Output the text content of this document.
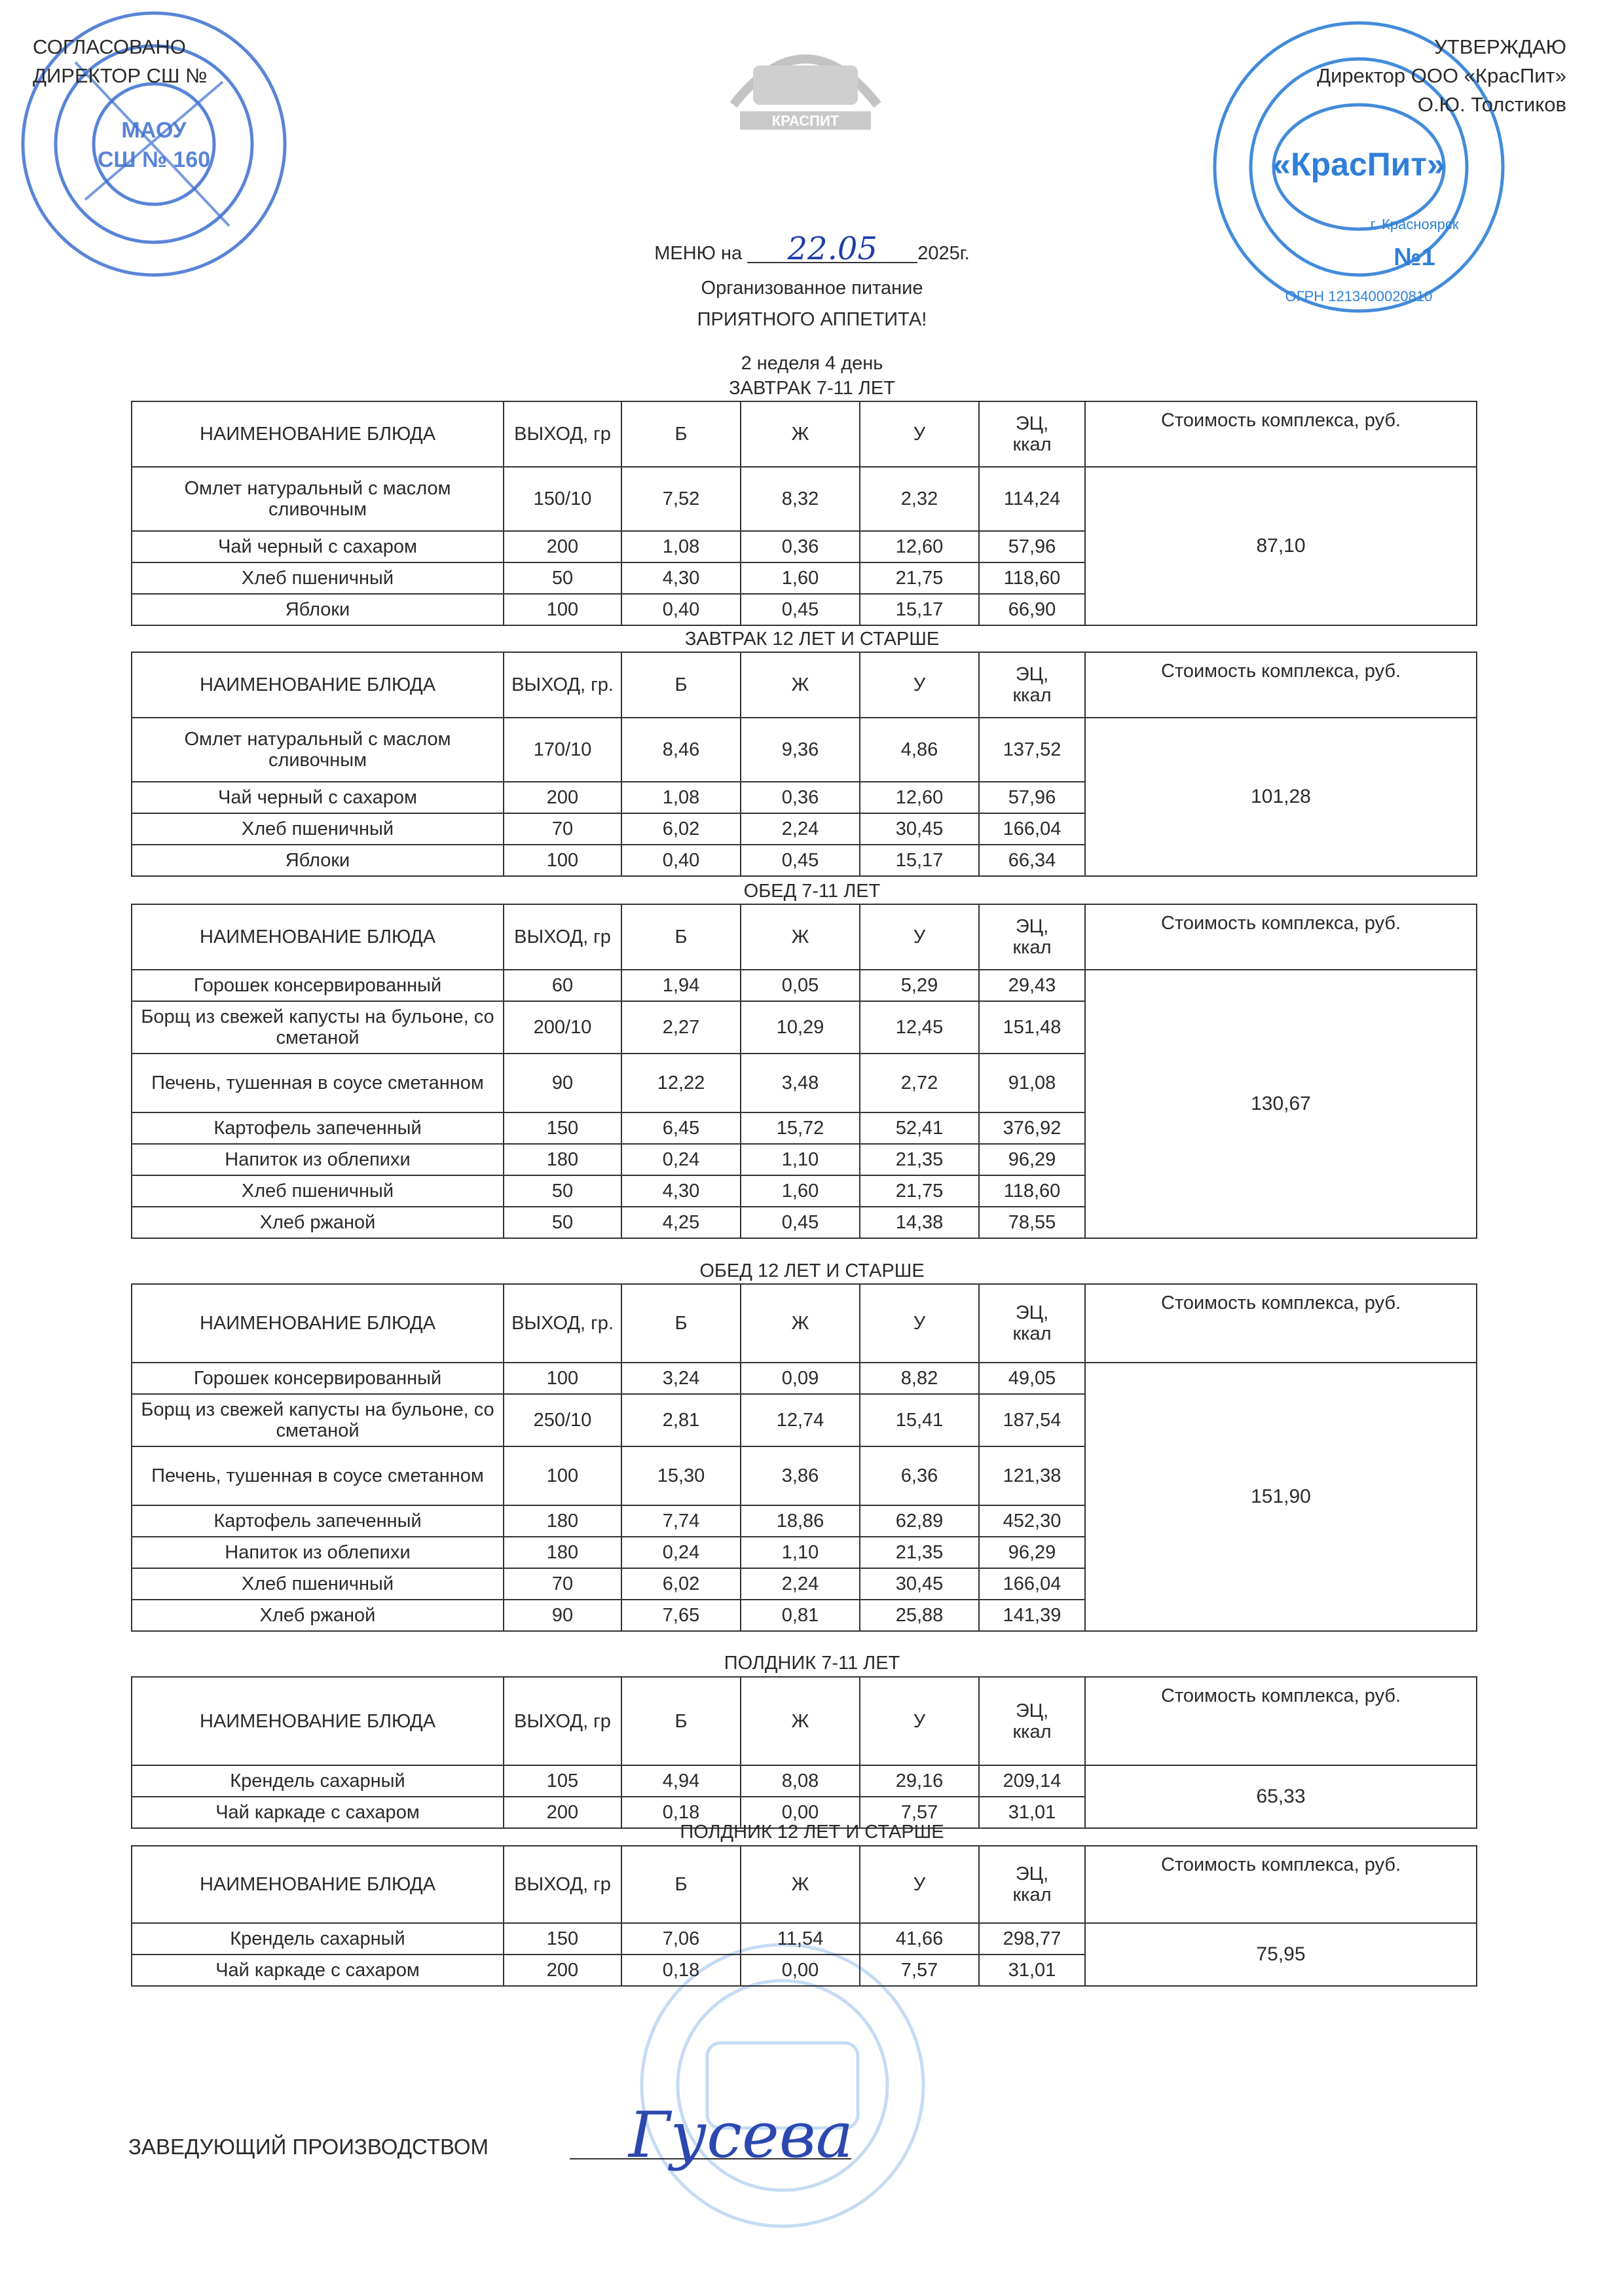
МАОУ
СШ № 160
КРАСПИТ
«КрасПит»
г. Красноярск
№1
ОГРН 1213400020810
СОГЛАСОВАНО
ДИРЕКТОР СШ №
УТВЕРЖДАЮ
Директор ООО «КрасПит»
О.Ю. Толстиков
МЕНЮ на 22.05 2025г.
Организованное питание
ПРИЯТНОГО АППЕТИТА!
2 неделя 4 день
ЗАВТРАК 7-11 ЛЕТ
НАИМЕНОВАНИЕ БЛЮДА	ВЫХОД, гр	Б	Ж	У	ЭЦ,
ккал	Стоимость комплекса, руб.
Омлет натуральный с маслом сливочным	150/10	7,52	8,32	2,32	114,24	87,10
Чай черный с сахаром	200	1,08	0,36	12,60	57,96	
Хлеб пшеничный	50	4,30	1,60	21,75	118,60	
Яблоки	100	0,40	0,45	15,17	66,90	
ЗАВТРАК 12 ЛЕТ И СТАРШЕ
НАИМЕНОВАНИЕ БЛЮДА	ВЫХОД, гр.	Б	Ж	У	ЭЦ,
ккал	Стоимость комплекса, руб.
Омлет натуральный с маслом сливочным	170/10	8,46	9,36	4,86	137,52	101,28
Чай черный с сахаром	200	1,08	0,36	12,60	57,96	
Хлеб пшеничный	70	6,02	2,24	30,45	166,04	
Яблоки	100	0,40	0,45	15,17	66,34	
ОБЕД 7-11 ЛЕТ
НАИМЕНОВАНИЕ БЛЮДА	ВЫХОД, гр	Б	Ж	У	ЭЦ,
ккал	Стоимость комплекса, руб.
Горошек консервированный	60	1,94	0,05	5,29	29,43	130,67
Борщ из свежей капусты на бульоне, со сметаной	200/10	2,27	10,29	12,45	151,48	
Печень, тушенная в соусе сметанном	90	12,22	3,48	2,72	91,08	
Картофель запеченный	150	6,45	15,72	52,41	376,92	
Напиток из облепихи	180	0,24	1,10	21,35	96,29	
Хлеб пшеничный	50	4,30	1,60	21,75	118,60	
Хлеб ржаной	50	4,25	0,45	14,38	78,55	
ОБЕД 12 ЛЕТ И СТАРШЕ
НАИМЕНОВАНИЕ БЛЮДА	ВЫХОД, гр.	Б	Ж	У	ЭЦ,
ккал	Стоимость комплекса, руб.
Горошек консервированный	100	3,24	0,09	8,82	49,05	151,90
Борщ из свежей капусты на бульоне, со сметаной	250/10	2,81	12,74	15,41	187,54	
Печень, тушенная в соусе сметанном	100	15,30	3,86	6,36	121,38	
Картофель запеченный	180	7,74	18,86	62,89	452,30	
Напиток из облепихи	180	0,24	1,10	21,35	96,29	
Хлеб пшеничный	70	6,02	2,24	30,45	166,04	
Хлеб ржаной	90	7,65	0,81	25,88	141,39	
ПОЛДНИК 7-11 ЛЕТ
НАИМЕНОВАНИЕ БЛЮДА	ВЫХОД, гр	Б	Ж	У	ЭЦ,
ккал	Стоимость комплекса, руб.
Крендель сахарный	105	4,94	8,08	29,16	209,14	65,33
Чай каркаде с сахаром	200	0,18	0,00	7,57	31,01	
ПОЛДНИК 12 ЛЕТ И СТАРШЕ
НАИМЕНОВАНИЕ БЛЮДА	ВЫХОД, гр	Б	Ж	У	ЭЦ,
ккал	Стоимость комплекса, руб.
Крендель сахарный	150	7,06	11,54	41,66	298,77	75,95
Чай каркаде с сахаром	200	0,18	0,00	7,57	31,01	
ЗАВЕДУЮЩИЙ ПРОИЗВОДСТВОМ Гусева
